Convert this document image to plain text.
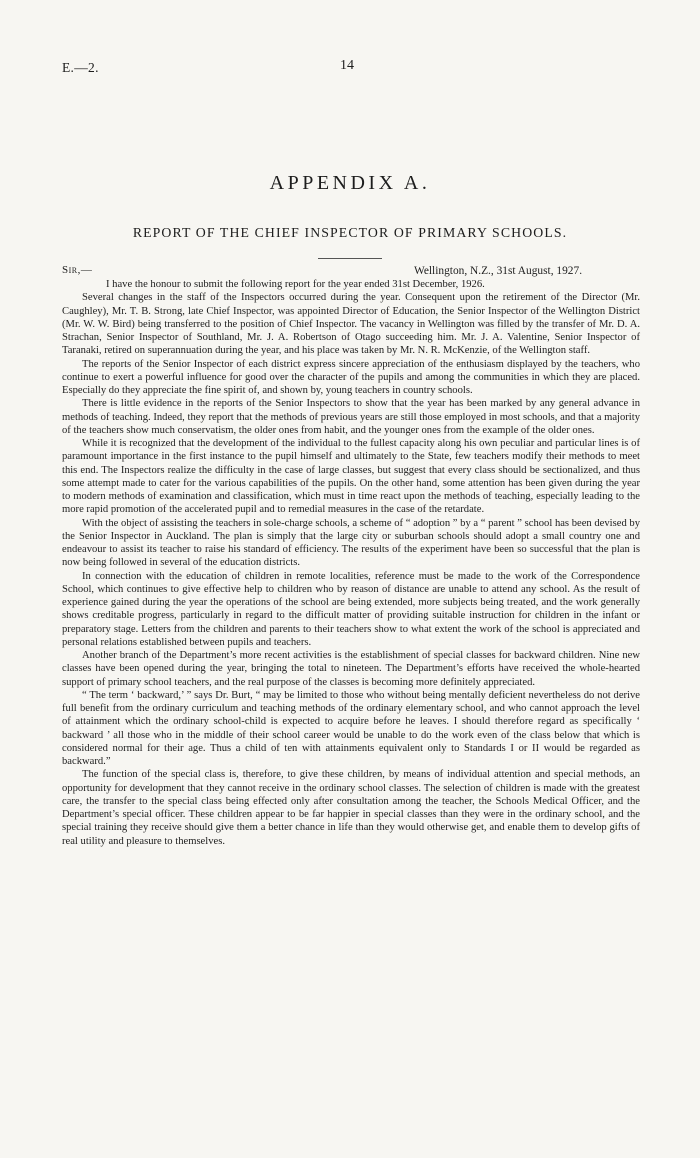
E.—2.	14
APPENDIX A.
REPORT OF THE CHIEF INSPECTOR OF PRIMARY SCHOOLS.
Sir,—	Wellington, N.Z., 31st August, 1927.

I have the honour to submit the following report for the year ended 31st December, 1926.

Several changes in the staff of the Inspectors occurred during the year. Consequent upon the retirement of the Director (Mr. Caughley), Mr. T. B. Strong, late Chief Inspector, was appointed Director of Education, the Senior Inspector of the Wellington District (Mr. W. W. Bird) being transferred to the position of Chief Inspector. The vacancy in Wellington was filled by the transfer of Mr. D. A. Strachan, Senior Inspector of Southland, Mr. J. A. Robertson of Otago succeeding him. Mr. J. A. Valentine, Senior Inspector of Taranaki, retired on superannuation during the year, and his place was taken by Mr. N. R. McKenzie, of the Wellington staff.

The reports of the Senior Inspector of each district express sincere appreciation of the enthusiasm displayed by the teachers, who continue to exert a powerful influence for good over the character of the pupils and among the communities in which they are placed. Especially do they appreciate the fine spirit of, and shown by, young teachers in country schools.

There is little evidence in the reports of the Senior Inspectors to show that the year has been marked by any general advance in methods of teaching. Indeed, they report that the methods of previous years are still those employed in most schools, and that a majority of the teachers show much conservatism, the older ones from habit, and the younger ones from the example of the older ones.

While it is recognized that the development of the individual to the fullest capacity along his own peculiar and particular lines is of paramount importance in the first instance to the pupil himself and ultimately to the State, few teachers modify their methods to meet this end. The Inspectors realize the difficulty in the case of large classes, but suggest that every class should be sectionalized, and thus some attempt made to cater for the various capabilities of the pupils. On the other hand, some attention has been given during the year to modern methods of examination and classification, which must in time react upon the methods of teaching, especially leading to the more rapid promotion of the accelerated pupil and to remedial measures in the case of the retardate.

With the object of assisting the teachers in sole-charge schools, a scheme of “ adoption ” by a “ parent ” school has been devised by the Senior Inspector in Auckland. The plan is simply that the large city or suburban schools should adopt a small country one and endeavour to assist its teacher to raise his standard of efficiency. The results of the experiment have been so successful that the plan is now being followed in several of the education districts.

In connection with the education of children in remote localities, reference must be made to the work of the Correspondence School, which continues to give effective help to children who by reason of distance are unable to attend any school. As the result of experience gained during the year the operations of the school are being extended, more subjects being treated, and the work generally shows creditable progress, particularly in regard to the difficult matter of providing suitable instruction for children in the infant or preparatory stage. Letters from the children and parents to their teachers show to what extent the work of the school is appreciated and personal relations established between pupils and teachers.

Another branch of the Department’s more recent activities is the establishment of special classes for backward children. Nine new classes have been opened during the year, bringing the total to nineteen. The Department’s efforts have received the whole-hearted support of primary school teachers, and the real purpose of the classes is becoming more definitely appreciated.

“ The term ‘ backward,’ ” says Dr. Burt, “ may be limited to those who without being mentally deficient nevertheless do not derive full benefit from the ordinary curriculum and teaching methods of the ordinary elementary school, and who cannot approach the level of attainment which the ordinary school-child is expected to acquire before he leaves. I should therefore regard as specifically ‘ backward ’ all those who in the middle of their school career would be unable to do the work even of the class below that which is considered normal for their age. Thus a child of ten with attainments equivalent only to Standards I or II would be regarded as backward.”

The function of the special class is, therefore, to give these children, by means of individual attention and special methods, an opportunity for development that they cannot receive in the ordinary school classes. The selection of children is made with the greatest care, the transfer to the special class being effected only after consultation among the teacher, the Schools Medical Officer, and the Department’s special officer. These children appear to be far happier in special classes than they were in the ordinary school, and the special training they receive should give them a better chance in life than they would otherwise get, and enable them to develop gifts of real utility and pleasure to themselves.
